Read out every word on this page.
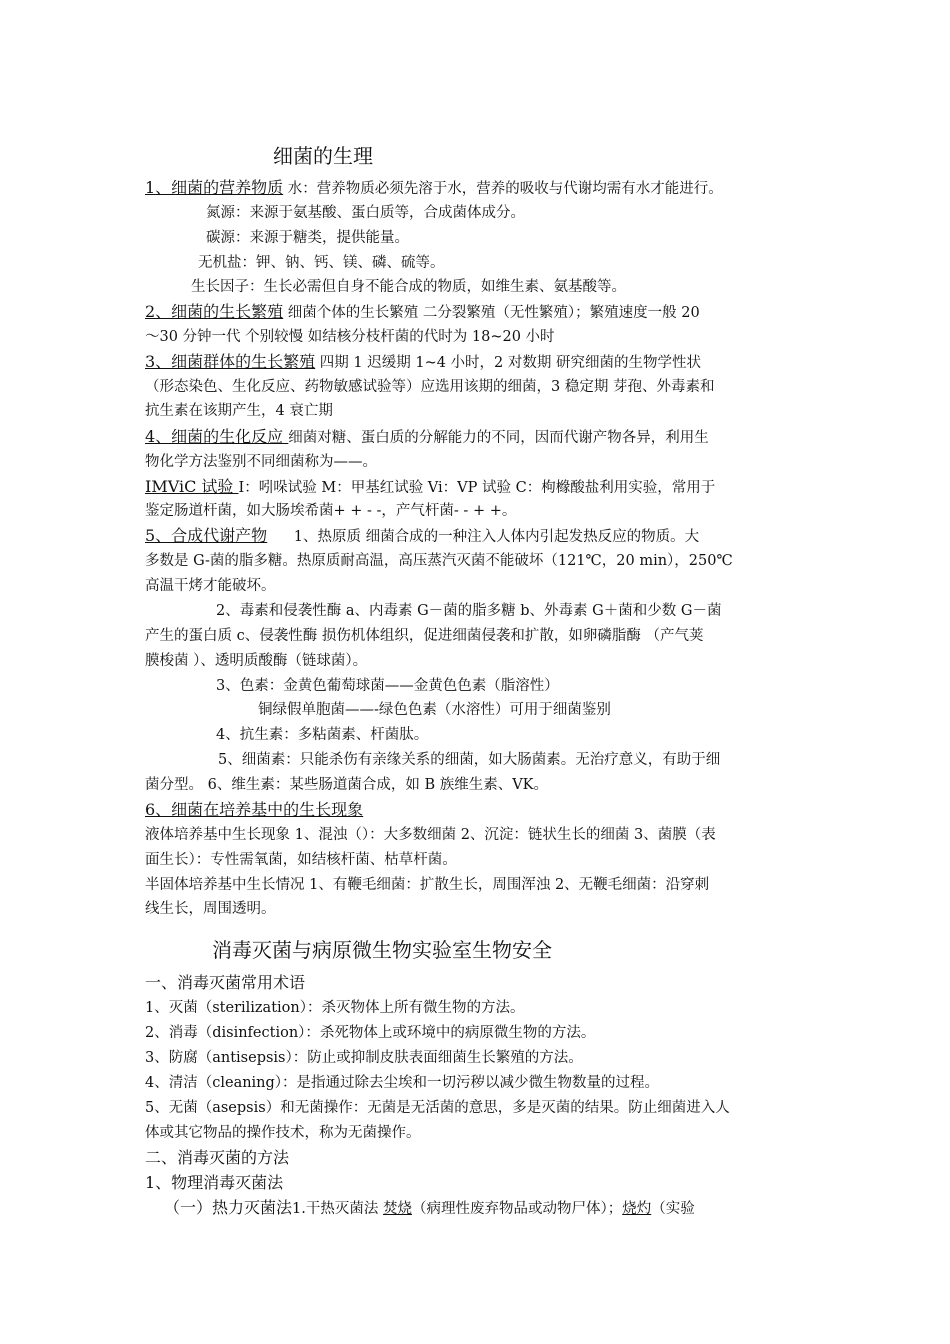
细菌的生理
1、细菌的营养物质 水：营养物质必须先溶于水，营养的吸收与代谢均需有水才能进行。
氮源：来源于氨基酸、蛋白质等，合成菌体成分。
碳源：来源于糖类，提供能量。
无机盐：钾、钠、钙、镁、磷、硫等。
生长因子：生长必需但自身不能合成的物质，如维生素、氨基酸等。
2、细菌的生长繁殖 细菌个体的生长繁殖 二分裂繁殖（无性繁殖）；繁殖速度一般 20
～30 分钟一代 个别较慢 如结核分枝杆菌的代时为 18~20 小时
3、细菌群体的生长繁殖 四期 1 迟缓期 1~4 小时，2 对数期 研究细菌的生物学性状
（形态染色、生化反应、药物敏感试验等）应选用该期的细菌，3 稳定期 芽孢、外毒素和
抗生素在该期产生，4 衰亡期
4、细菌的生化反应 细菌对糖、蛋白质的分解能力的不同，因而代谢产物各异，利用生
物化学方法鉴别不同细菌称为——。
IMViC 试验 I：吲哚试验 M：甲基红试验 Vi：VP 试验 C：枸橼酸盐利用实验，常用于
鉴定肠道杆菌，如大肠埃希菌+ + - -，产气杆菌- - + +。
5、合成代谢产物 1、热原质 细菌合成的一种注入人体内引起发热反应的物质。大
多数是 G-菌的脂多糖。热原质耐高温，高压蒸汽灭菌不能破坏（121℃，20 min），250℃
高温干烤才能破坏。
2、毒素和侵袭性酶 a、内毒素 G－菌的脂多糖 b、外毒素 G＋菌和少数 G－菌
产生的蛋白质 c、侵袭性酶 损伤机体组织，促进细菌侵袭和扩散，如卵磷脂酶 （产气荚
膜梭菌 ）、透明质酸酶（链球菌）。
3、色素：金黄色葡萄球菌——金黄色色素（脂溶性）
铜绿假单胞菌——-绿色色素（水溶性）可用于细菌鉴别
4、抗生素：多粘菌素、杆菌肽。
5、细菌素：只能杀伤有亲缘关系的细菌，如大肠菌素。无治疗意义，有助于细
菌分型。 6、维生素：某些肠道菌合成，如 B 族维生素、VK。
6、细菌在培养基中的生长现象
液体培养基中生长现象 1、混浊（）：大多数细菌 2、沉淀：链状生长的细菌 3、菌膜（表
面生长）：专性需氧菌，如结核杆菌、枯草杆菌。
半固体培养基中生长情况 1、有鞭毛细菌：扩散生长，周围浑浊 2、无鞭毛细菌：沿穿刺
线生长，周围透明。
消毒灭菌与病原微生物实验室生物安全
一、消毒灭菌常用术语
1、灭菌（sterilization）：杀灭物体上所有微生物的方法。
2、消毒（disinfection）：杀死物体上或环境中的病原微生物的方法。
3、防腐（antisepsis）：防止或抑制皮肤表面细菌生长繁殖的方法。
4、清洁（cleaning）：是指通过除去尘埃和一切污秽以减少微生物数量的过程。
5、无菌（asepsis）和无菌操作：无菌是无活菌的意思，多是灭菌的结果。防止细菌进入人
体或其它物品的操作技术，称为无菌操作。
二、消毒灭菌的方法
1、物理消毒灭菌法
（一）热力灭菌法1.干热灭菌法 焚烧（病理性废弃物品或动物尸体）；烧灼（实验
